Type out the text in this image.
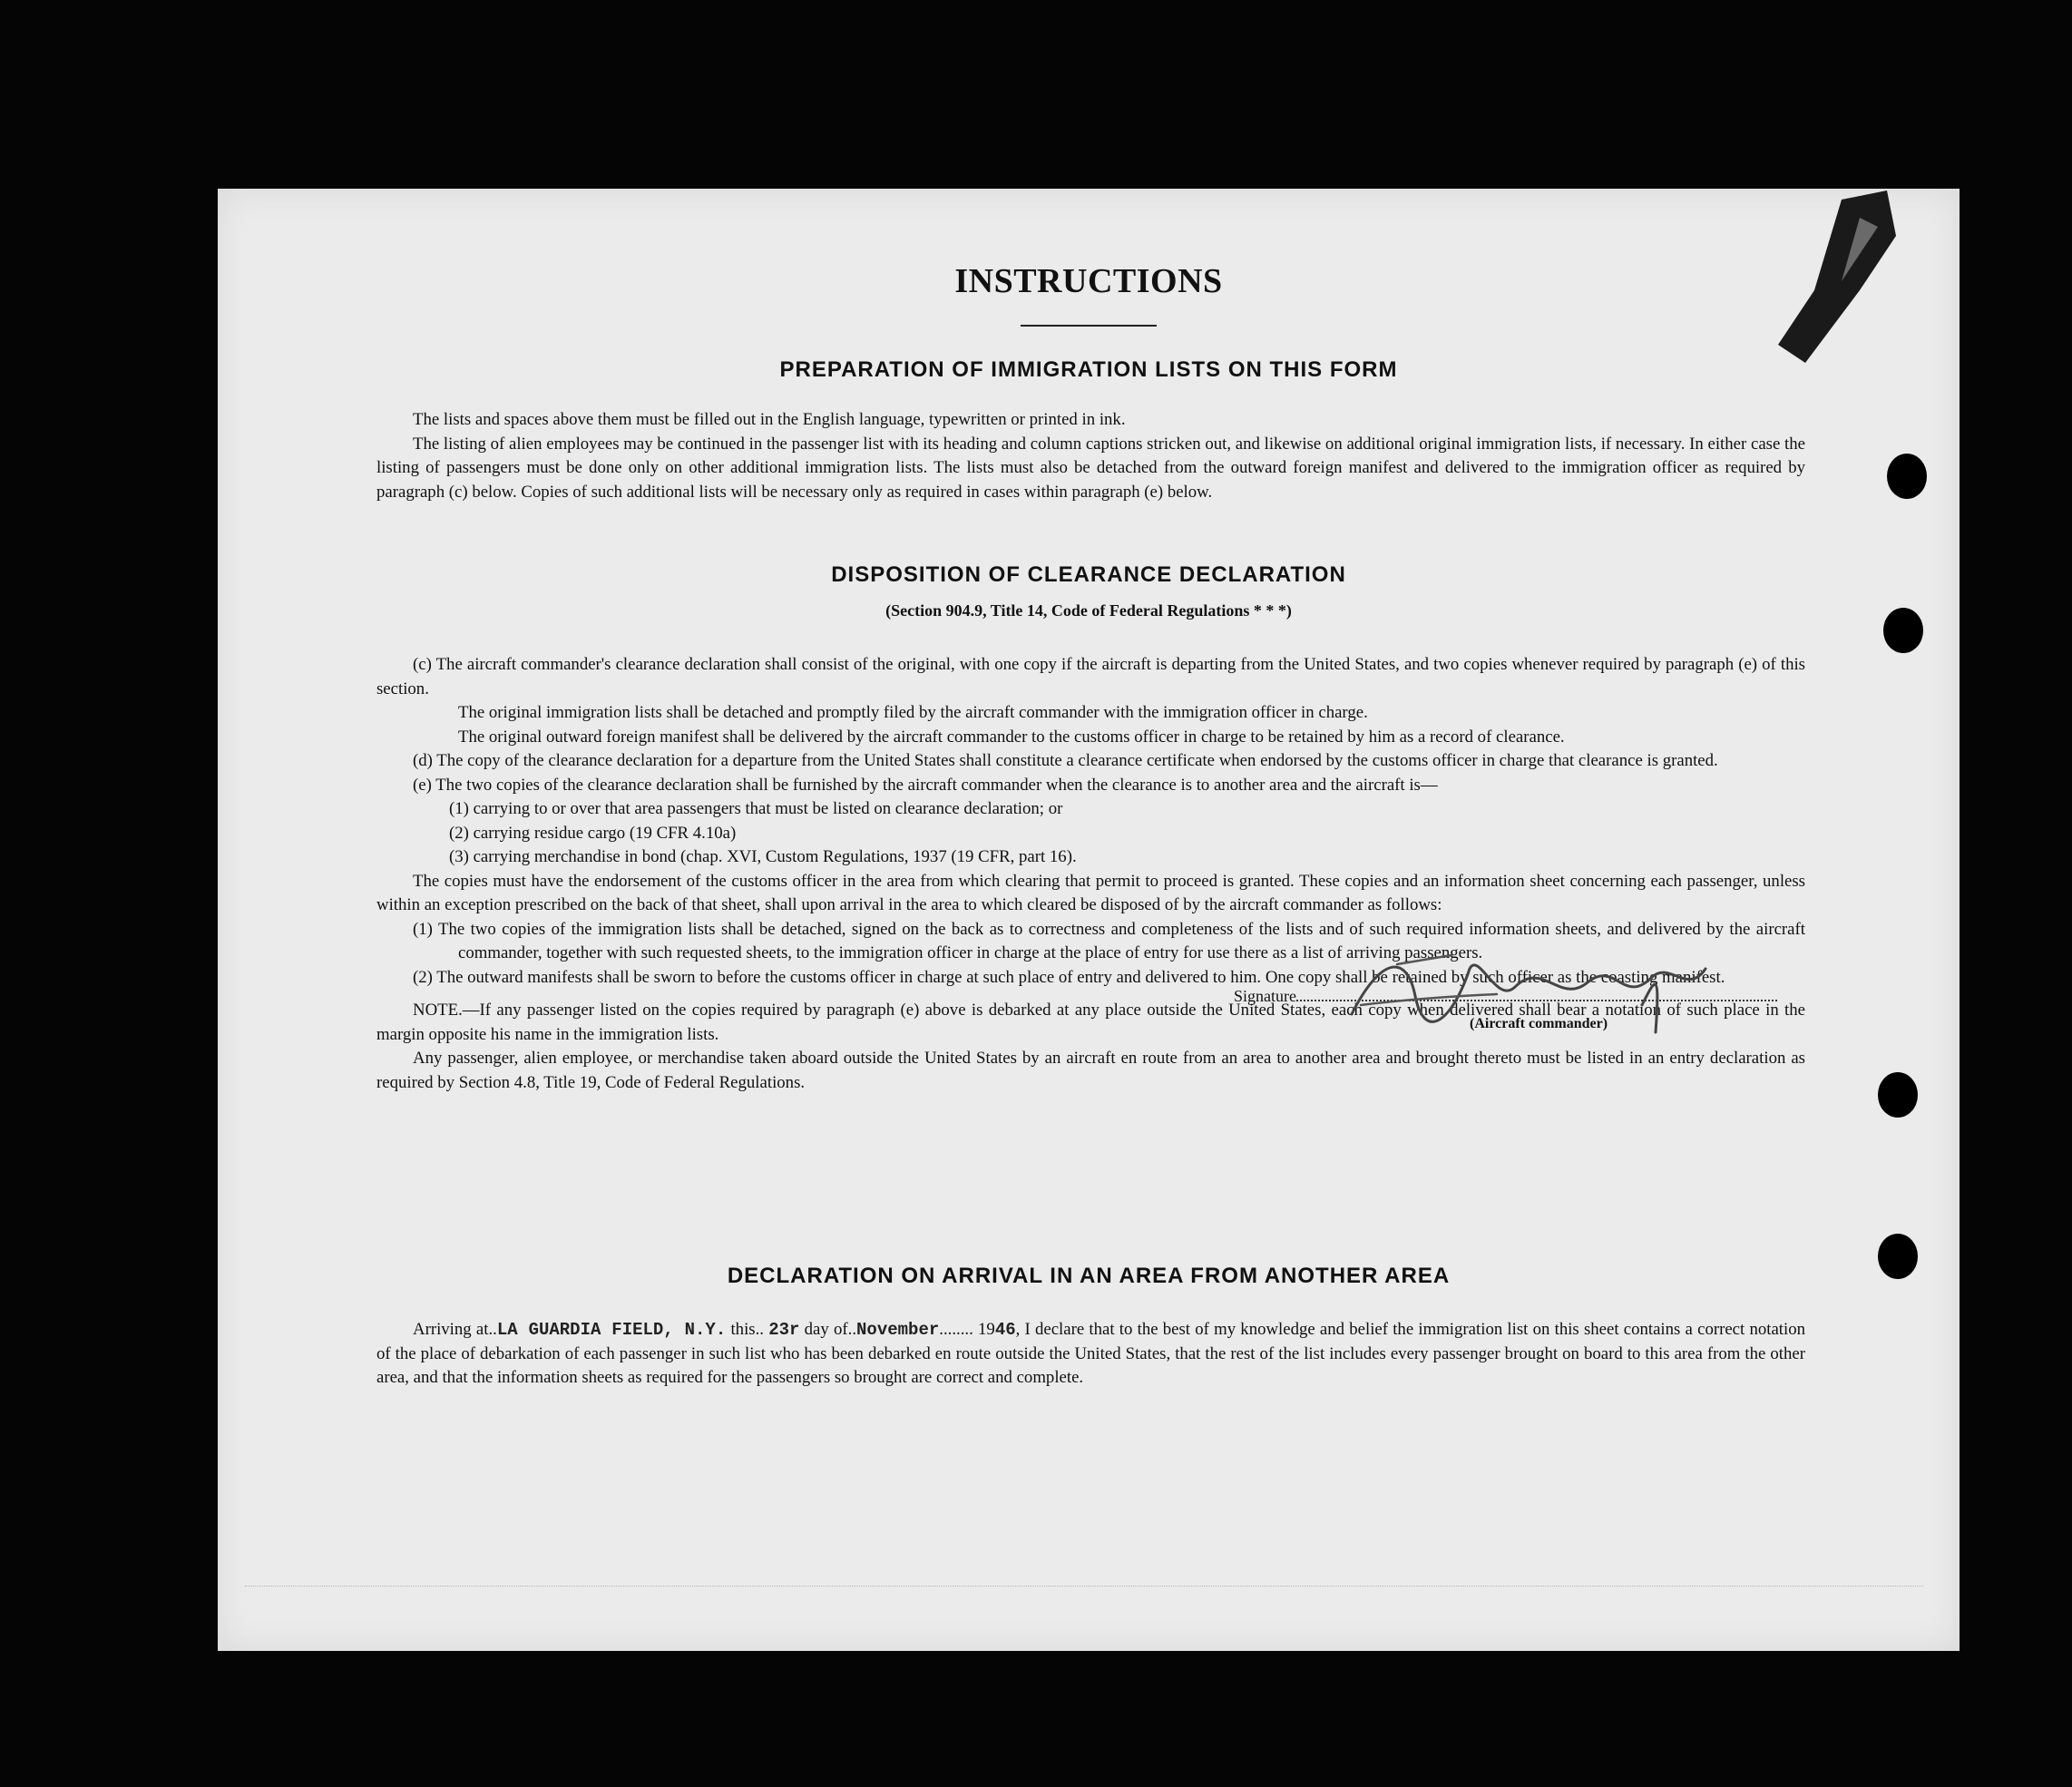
INSTRUCTIONS
PREPARATION OF IMMIGRATION LISTS ON THIS FORM

The lists and spaces above them must be filled out in the English language, typewritten or printed in ink.

The listing of alien employees may be continued in the passenger list with its heading and column captions stricken out, and likewise on additional original immigration lists, if necessary. In either case the listing of passengers must be done only on other additional immigration lists. The lists must also be detached from the outward foreign manifest and delivered to the immigration officer as required by paragraph (c) below. Copies of such additional lists will be necessary only as required in cases within paragraph (e) below.

DISPOSITION OF CLEARANCE DECLARATION
(Section 904.9, Title 14, Code of Federal Regulations * * *)

(c) The aircraft commander's clearance declaration shall consist of the original, with one copy if the aircraft is departing from the United States, and two copies whenever required by paragraph (e) of this section.

The original immigration lists shall be detached and promptly filed by the aircraft commander with the immigration officer in charge.

The original outward foreign manifest shall be delivered by the aircraft commander to the customs officer in charge to be retained by him as a record of clearance.

(d) The copy of the clearance declaration for a departure from the United States shall constitute a clearance certificate when endorsed by the customs officer in charge that clearance is granted.

(e) The two copies of the clearance declaration shall be furnished by the aircraft commander when the clearance is to another area and the aircraft is—

(1) carrying to or over that area passengers that must be listed on clearance declaration; or

(2) carrying residue cargo (19 CFR 4.10a)

(3) carrying merchandise in bond (chap. XVI, Custom Regulations, 1937 (19 CFR, part 16).

The copies must have the endorsement of the customs officer in the area from which clearing that permit to proceed is granted. These copies and an information sheet concerning each passenger, unless within an exception prescribed on the back of that sheet, shall upon arrival in the area to which cleared be disposed of by the aircraft commander as follows:

(1) The two copies of the immigration lists shall be detached, signed on the back as to correctness and completeness of the lists and of such required information sheets, and delivered by the aircraft commander, together with such requested sheets, to the immigration officer in charge at the place of entry for use there as a list of arriving passengers.

(2) The outward manifests shall be sworn to before the customs officer in charge at such place of entry and delivered to him. One copy shall be retained by such officer as the coasting manifest.

NOTE.—If any passenger listed on the copies required by paragraph (e) above is debarked at any place outside the United States, each copy when delivered shall bear a notation of such place in the margin opposite his name in the immigration lists.

Any passenger, alien employee, or merchandise taken aboard outside the United States by an aircraft en route from an area to another area and brought thereto must be listed in an entry declaration as required by Section 4.8, Title 19, Code of Federal Regulations.

DECLARATION ON ARRIVAL IN AN AREA FROM ANOTHER AREA

Arriving at..LA GUARDIA FIELD, N.Y. this.. 23r day of..November........ 1946, I declare that to the best of my knowledge and belief the immigration list on this sheet contains a correct notation of the place of debarkation of each passenger in such list who has been debarked en route outside the United States, that the rest of the list includes every passenger brought on board to this area from the other area, and that the information sheets as required for the passengers so brought are correct and complete.

Signature
(Aircraft commander)
